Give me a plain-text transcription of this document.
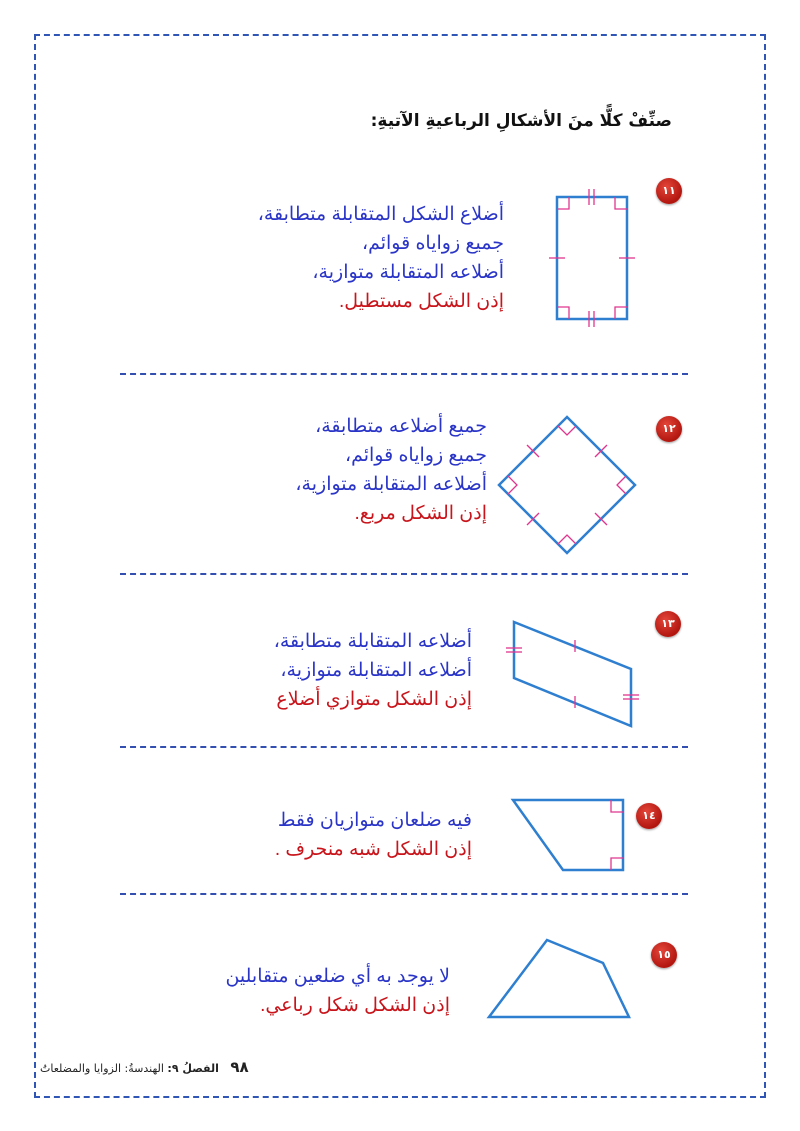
صنِّفْ كلًّا منَ الأشكالِ الرباعيةِ الآتيةِ:
١١
أضلاع الشكل المتقابلة متطابقة،
جميع زواياه قوائم،
أضلاعه المتقابلة متوازية،
إذن الشكل مستطيل.
١٢
جميع أضلاعه متطابقة،
جميع زواياه قوائم،
أضلاعه المتقابلة متوازية،
إذن الشكل مربع.
١٣
أضلاعه المتقابلة متطابقة،
أضلاعه المتقابلة متوازية،
إذن الشكل متوازي أضلاع
١٤
فيه ضلعان متوازيان فقط
إذن الشكل شبه منحرف .
١٥
لا يوجد به أي ضلعين متقابلين
إذن الشكل شكل رباعي.
٩٨ الفصلُ ٩: الهندسةُ: الزوايا والمضلعاتُ
